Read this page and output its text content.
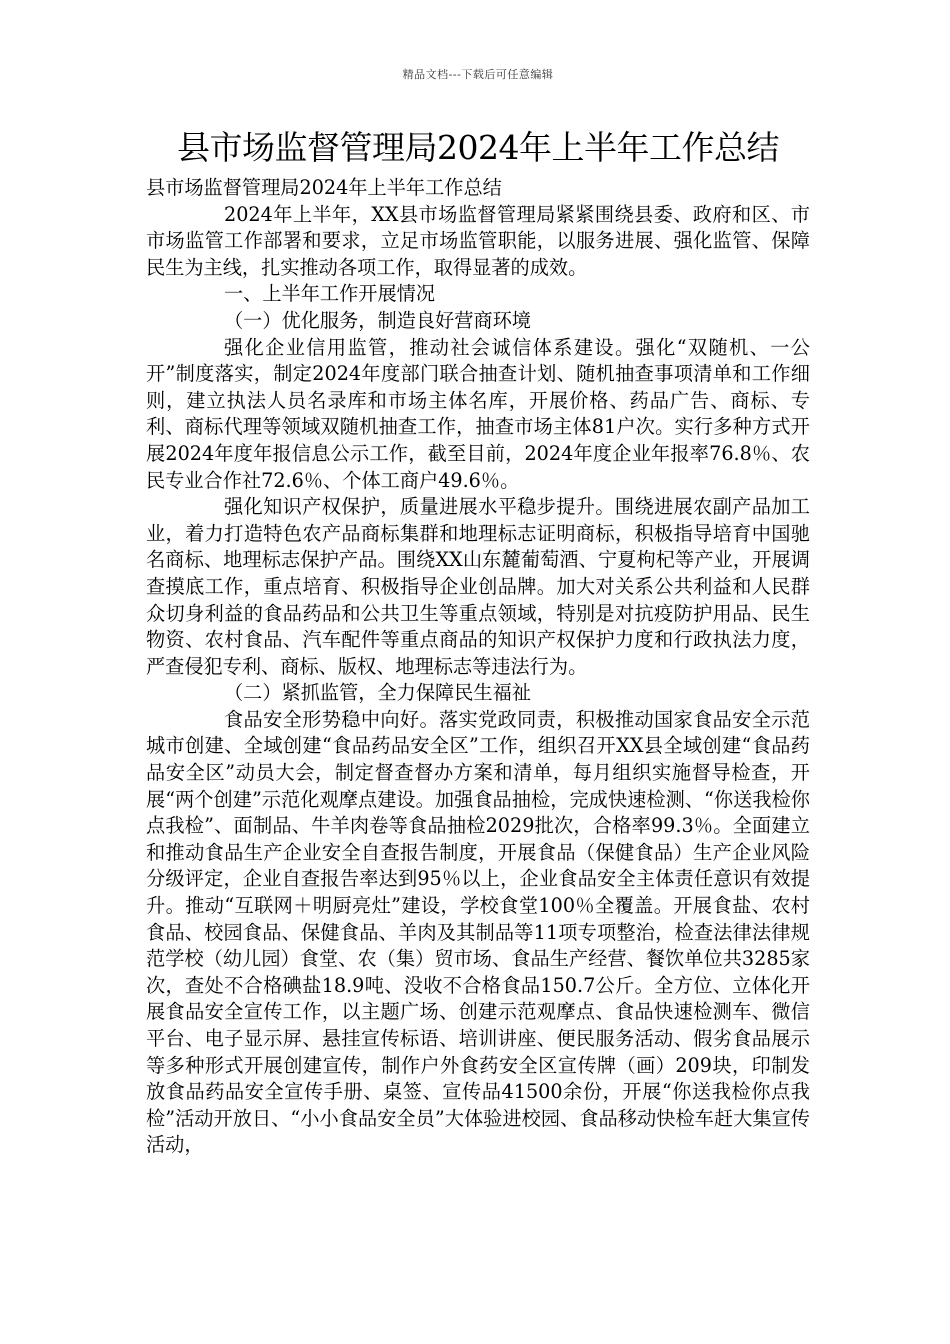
精品文档---下载后可任意编辑
县市场监督管理局2024年上半年工作总结

县市场监督管理局2024年上半年工作总结

2024年上半年，XX县市场监督管理局紧紧围绕县委、政府和区、市市场监管工作部署和要求，立足市场监管职能，以服务进展、强化监管、保障民生为主线，扎实推动各项工作，取得显著的成效。

一、上半年工作开展情况

（一）优化服务，制造良好营商环境

强化企业信用监管，推动社会诚信体系建设。强化“双随机、一公开”制度落实，制定2024年度部门联合抽查计划、随机抽查事项清单和工作细则，建立执法人员名录库和市场主体名库，开展价格、药品广告、商标、专利、商标代理等领域双随机抽查工作，抽查市场主体81户次。实行多种方式开展2024年度年报信息公示工作，截至目前，2024年度企业年报率76.8％、农民专业合作社72.6％、个体工商户49.6％。

强化知识产权保护，质量进展水平稳步提升。围绕进展农副产品加工业，着力打造特色农产品商标集群和地理标志证明商标，积极指导培育中国驰名商标、地理标志保护产品。围绕XX山东麓葡萄酒、宁夏枸杞等产业，开展调查摸底工作，重点培育、积极指导企业创品牌。加大对关系公共利益和人民群众切身利益的食品药品和公共卫生等重点领域，特别是对抗疫防护用品、民生物资、农村食品、汽车配件等重点商品的知识产权保护力度和行政执法力度，严查侵犯专利、商标、版权、地理标志等违法行为。

（二）紧抓监管，全力保障民生福祉

食品安全形势稳中向好。落实党政同责，积极推动国家食品安全示范城市创建、全域创建“食品药品安全区”工作，组织召开XX县全域创建“食品药品安全区”动员大会，制定督查督办方案和清单，每月组织实施督导检查，开展“两个创建”示范化观摩点建设。加强食品抽检，完成快速检测、“你送我检你点我检”、面制品、牛羊肉卷等食品抽检2029批次，合格率99.3％。全面建立和推动食品生产企业安全自查报告制度，开展食品（保健食品）生产企业风险分级评定，企业自查报告率达到95％以上，企业食品安全主体责任意识有效提升。推动“互联网＋明厨亮灶”建设，学校食堂100％全覆盖。开展食盐、农村食品、校园食品、保健食品、羊肉及其制品等11项专项整治，检查法律法律规范学校（幼儿园）食堂、农（集）贸市场、食品生产经营、餐饮单位共3285家次，查处不合格碘盐18.9吨、没收不合格食品150.7公斤。全方位、立体化开展食品安全宣传工作，以主题广场、创建示范观摩点、食品快速检测车、微信平台、电子显示屏、悬挂宣传标语、培训讲座、便民服务活动、假劣食品展示等多种形式开展创建宣传，制作户外食药安全区宣传牌（画）209块，印制发放食品药品安全宣传手册、桌签、宣传品41500余份，开展“你送我检你点我检”活动开放日、“小小食品安全员”大体验进校园、食品移动快检车赶大集宣传活动，
